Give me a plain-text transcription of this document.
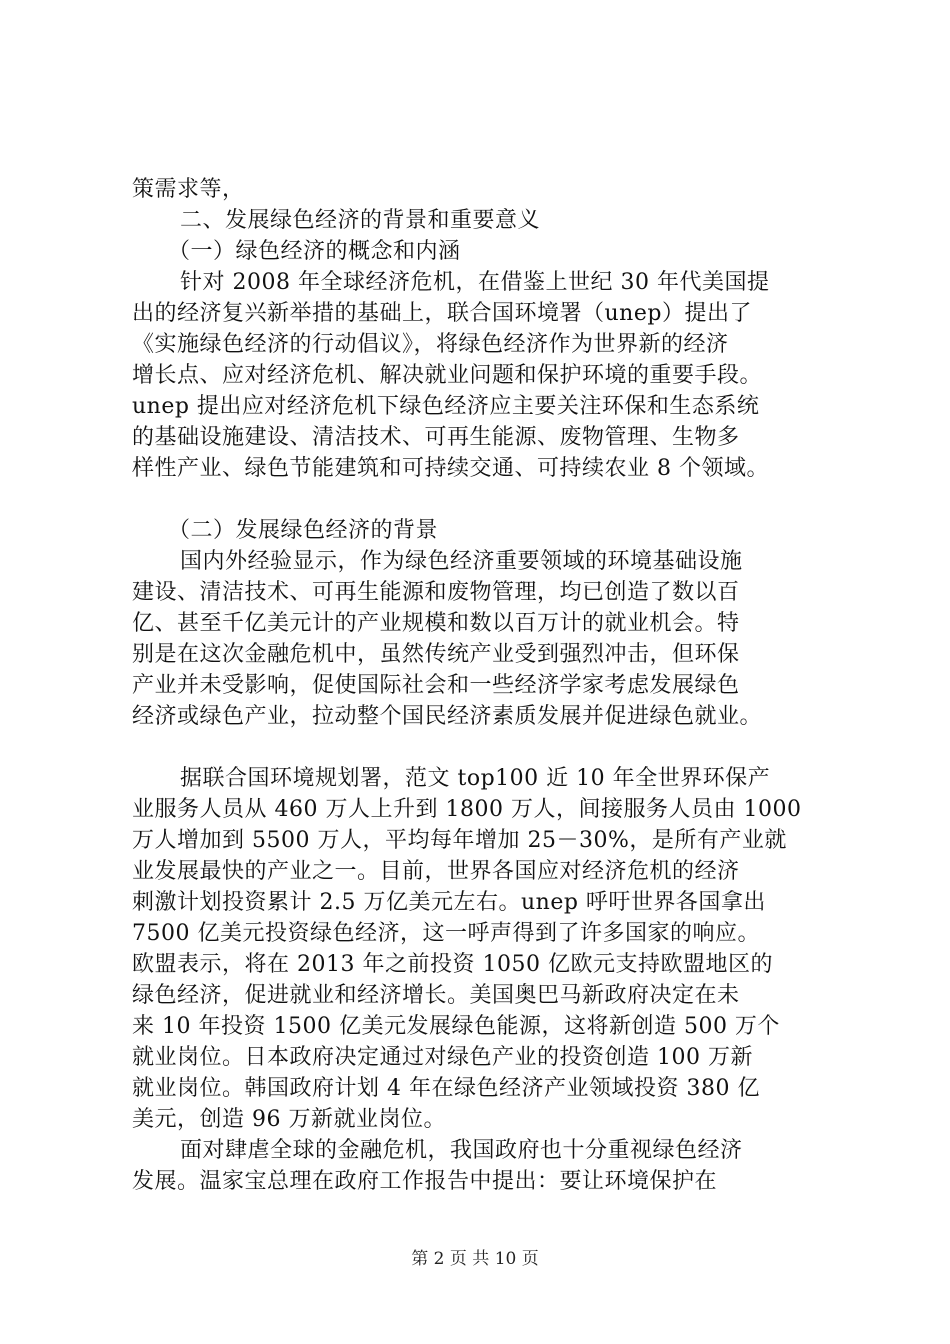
策需求等，
二、发展绿色经济的背景和重要意义
（一）绿色经济的概念和内涵
针对 2008 年全球经济危机，在借鉴上世纪 30 年代美国提
出的经济复兴新举措的基础上，联合国环境署（unep）提出了
《实施绿色经济的行动倡议》，将绿色经济作为世界新的经济
增长点、应对经济危机、解决就业问题和保护环境的重要手段。
unep 提出应对经济危机下绿色经济应主要关注环保和生态系统
的基础设施建设、清洁技术、可再生能源、废物管理、生物多
样性产业、绿色节能建筑和可持续交通、可持续农业 8 个领域。
（二）发展绿色经济的背景
国内外经验显示，作为绿色经济重要领域的环境基础设施
建设、清洁技术、可再生能源和废物管理，均已创造了数以百
亿、甚至千亿美元计的产业规模和数以百万计的就业机会。特
别是在这次金融危机中，虽然传统产业受到强烈冲击，但环保
产业并未受影响，促使国际社会和一些经济学家考虑发展绿色
经济或绿色产业，拉动整个国民经济素质发展并促进绿色就业。
据联合国环境规划署，范文 top100 近 10 年全世界环保产
业服务人员从 460 万人上升到 1800 万人，间接服务人员由 1000
万人增加到 5500 万人，平均每年增加 25－30%，是所有产业就
业发展最快的产业之一。目前，世界各国应对经济危机的经济
刺激计划投资累计 2.5 万亿美元左右。unep 呼吁世界各国拿出
7500 亿美元投资绿色经济，这一呼声得到了许多国家的响应。
欧盟表示，将在 2013 年之前投资 1050 亿欧元支持欧盟地区的
绿色经济，促进就业和经济增长。美国奥巴马新政府决定在未
来 10 年投资 1500 亿美元发展绿色能源，这将新创造 500 万个
就业岗位。日本政府决定通过对绿色产业的投资创造 100 万新
就业岗位。韩国政府计划 4 年在绿色经济产业领域投资 380 亿
美元，创造 96 万新就业岗位。
面对肆虐全球的金融危机，我国政府也十分重视绿色经济
发展。温家宝总理在政府工作报告中提出：要让环境保护在
第 2 页 共 10 页
